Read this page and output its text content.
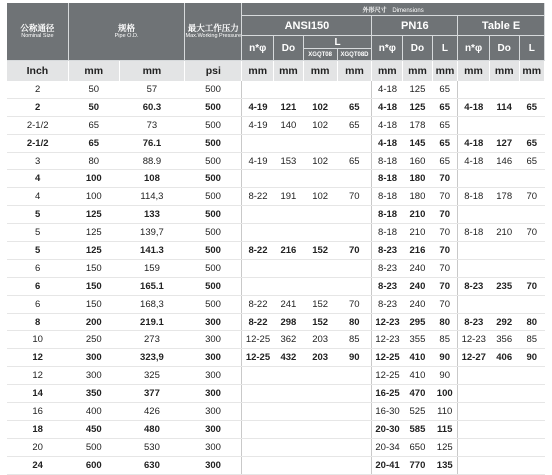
公称通径
Nominal Size	规格
Pipe O.D.		最大工作压力
Max.Working Pressure	外形尺寸 Dimensions									
				ANSI150				PN16			Table E		
				n*φ	Do	L		n*φ	Do	L	n*φ	Do	L
						XGQT08	XGQT08D						
Inch	mm	mm	psi	mm	mm	mm	mm	mm	mm	mm	mm	mm	mm
2	50	57	500					4-18	125	65			
2	50	60.3	500	4-19	121	102	65	4-18	125	65	4-18	114	65
2-1/2	65	73	500	4-19	140	102	65	4-18	178	65			
2-1/2	65	76.1	500					4-18	145	65	4-18	127	65
3	80	88.9	500	4-19	153	102	65	8-18	160	65	4-18	146	65
4	100	108	500					8-18	180	70			
4	100	114,3	500	8-22	191	102	70	8-18	180	70	8-18	178	70
5	125	133	500					8-18	210	70			
5	125	139,7	500					8-18	210	70	8-18	210	70
5	125	141.3	500	8-22	216	152	70	8-23	216	70			
6	150	159	500					8-23	240	70			
6	150	165.1	500					8-23	240	70	8-23	235	70
6	150	168,3	500	8-22	241	152	70	8-23	240	70			
8	200	219.1	300	8-22	298	152	80	12-23	295	80	8-23	292	80
10	250	273	300	12-25	362	203	85	12-23	355	85	12-23	356	85
12	300	323,9	300	12-25	432	203	90	12-25	410	90	12-27	406	90
12	300	325	300					12-25	410	90			
14	350	377	300					16-25	470	100			
16	400	426	300					16-30	525	110			
18	450	480	300					20-30	585	115			
20	500	530	300					20-34	650	125			
24	600	630	300					20-41	770	135			
